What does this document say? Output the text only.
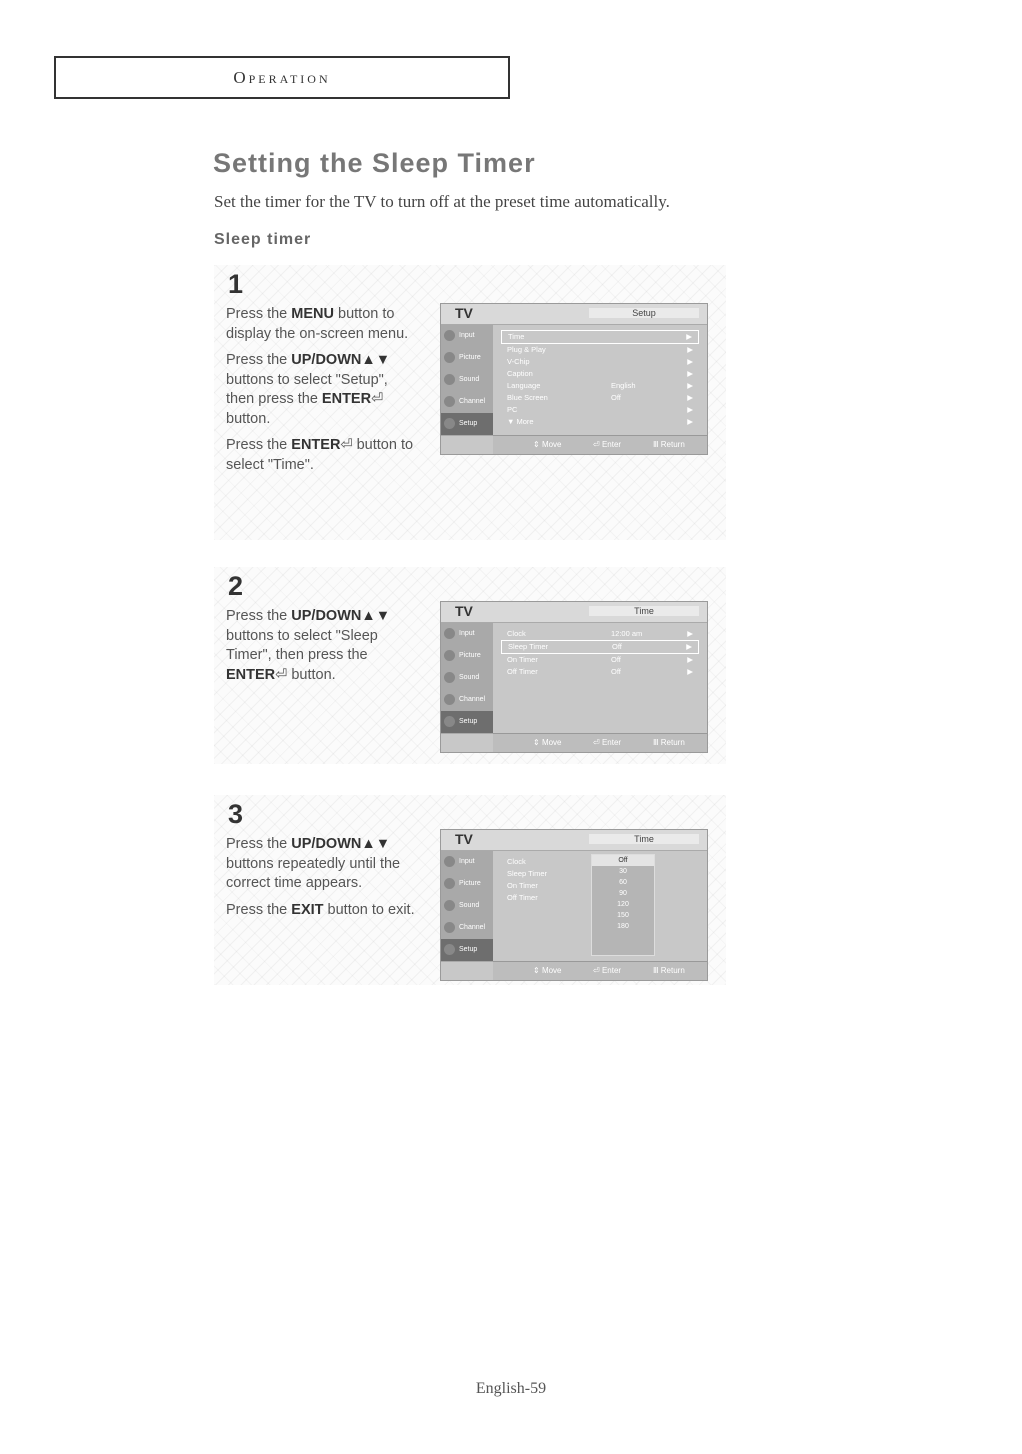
Operation
Setting the Sleep Timer

Set the timer for the TV to turn off at the preset time automatically.

Sleep timer
1

Press the MENU button to display the on-screen menu.

Press the UP/DOWN▲▼ buttons to select "Setup", then press the ENTER⏎ button.

Press the ENTER⏎ button to select "Time".

TV	Setup
Input
Picture
Sound
Channel
Setup
Time	▶
Plug & Play	▶
V-Chip	▶
Caption	▶
Language	English	▶
Blue Screen	Off	▶
PC	▶
▼ More	▶
⇕ Move	⏎ Enter	Ⅲ Return
2

Press the UP/DOWN▲▼ buttons to select "Sleep Timer", then press the ENTER⏎ button.

TV	Time
Input
Picture
Sound
Channel
Setup
Clock	12:00 am	▶
Sleep Timer	Off	▶
On Timer	Off	▶
Off Timer	Off	▶
⇕ Move	⏎ Enter	Ⅲ Return
3

Press the UP/DOWN▲▼ buttons repeatedly until the correct time appears.

Press the EXIT button to exit.

TV	Time
Input
Picture
Sound
Channel
Setup
Clock
Sleep Timer
On Timer
Off Timer
Off
30
60
90
120
150
180
⇕ Move	⏎ Enter	Ⅲ Return
English-59
